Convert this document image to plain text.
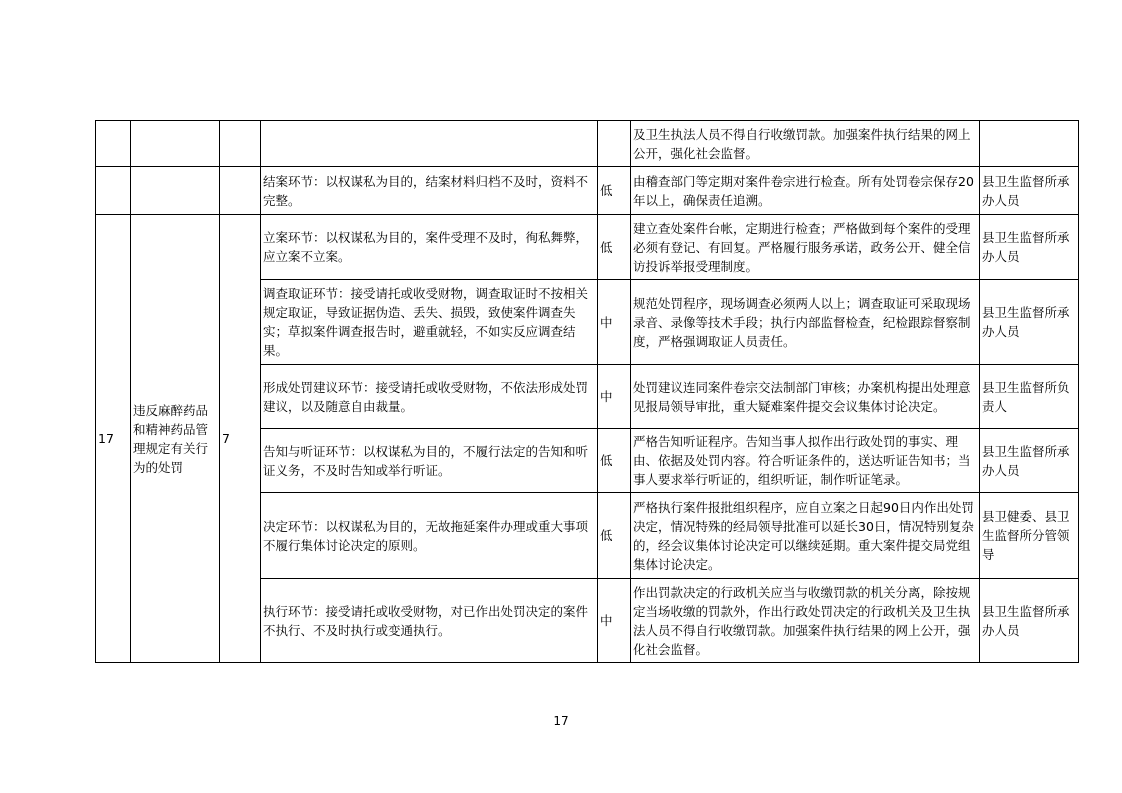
					及卫生执法人员不得自行收缴罚款。加强案件执行结果的网上公开，强化社会监督。	
			结案环节：以权谋私为目的，结案材料归档不及时，资料不完整。	低	由稽查部门等定期对案件卷宗进行检查。所有处罚卷宗保存20年以上，确保责任追溯。	县卫生监督所承办人员
17	违反麻醉药品和精神药品管理规定有关行为的处罚	7	立案环节：以权谋私为目的，案件受理不及时，徇私舞弊，应立案不立案。	低	建立查处案件台帐，定期进行检查；严格做到每个案件的受理必须有登记、有回复。严格履行服务承诺，政务公开、健全信访投诉举报受理制度。	县卫生监督所承办人员
			调查取证环节：接受请托或收受财物，调查取证时不按相关规定取证，导致证据伪造、丢失、损毁，致使案件调查失实；草拟案件调查报告时，避重就轻，不如实反应调查结果。	中	规范处罚程序，现场调查必须两人以上；调查取证可采取现场录音、录像等技术手段；执行内部监督检查，纪检跟踪督察制度，严格强调取证人员责任。	县卫生监督所承办人员
			形成处罚建议环节：接受请托或收受财物，不依法形成处罚建议，以及随意自由裁量。	中	处罚建议连同案件卷宗交法制部门审核；办案机构提出处理意见报局领导审批，重大疑难案件提交会议集体讨论决定。	县卫生监督所负责人
			告知与听证环节：以权谋私为目的，不履行法定的告知和听证义务，不及时告知或举行听证。	低	严格告知听证程序。告知当事人拟作出行政处罚的事实、理由、依据及处罚内容。符合听证条件的，送达听证告知书；当事人要求举行听证的，组织听证，制作听证笔录。	县卫生监督所承办人员
			决定环节：以权谋私为目的，无故拖延案件办理或重大事项不履行集体讨论决定的原则。	低	严格执行案件报批组织程序，应自立案之日起90日内作出处罚决定，情况特殊的经局领导批准可以延长30日，情况特别复杂的，经会议集体讨论决定可以继续延期。重大案件提交局党组集体讨论决定。	县卫健委、县卫生监督所分管领导
			执行环节：接受请托或收受财物，对已作出处罚决定的案件不执行、不及时执行或变通执行。	中	作出罚款决定的行政机关应当与收缴罚款的机关分离，除按规定当场收缴的罚款外，作出行政处罚决定的行政机关及卫生执法人员不得自行收缴罚款。加强案件执行结果的网上公开，强化社会监督。	县卫生监督所承办人员
17
